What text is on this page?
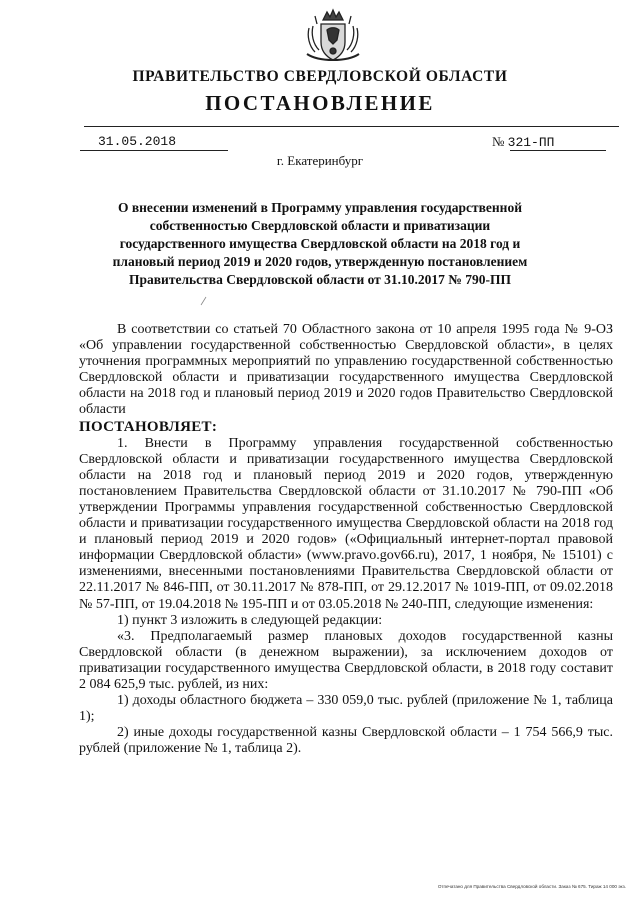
ПРАВИТЕЛЬСТВО СВЕРДЛОВСКОЙ ОБЛАСТИ
ПОСТАНОВЛЕНИЕ
31.05.2018	№ 321-ПП
г. Екатеринбург
О внесении изменений в Программу управления государственной собственностью Свердловской области и приватизации государственного имущества Свердловской области на 2018 год и плановый период 2019 и 2020 годов, утвержденную постановлением Правительства Свердловской области от 31.10.2017 № 790-ПП

В соответствии со статьей 70 Областного закона от 10 апреля 1995 года № 9-ОЗ «Об управлении государственной собственностью Свердловской области», в целях уточнения программных мероприятий по управлению государственной собственностью Свердловской области и приватизации государственного имущества Свердловской области на 2018 год и плановый период 2019 и 2020 годов Правительство Свердловской области

ПОСТАНОВЛЯЕТ:

1. Внести в Программу управления государственной собственностью Свердловской области и приватизации государственного имущества Свердловской области на 2018 год и плановый период 2019 и 2020 годов, утвержденную постановлением Правительства Свердловской области от 31.10.2017 № 790-ПП «Об утверждении Программы управления государственной собственностью Свердловской области и приватизации государственного имущества Свердловской области на 2018 год и плановый период 2019 и 2020 годов» («Официальный интернет-портал правовой информации Свердловской области» (www.pravo.gov66.ru), 2017, 1 ноября, № 15101) с изменениями, внесенными постановлениями Правительства Свердловской области от 22.11.2017 № 846-ПП, от 30.11.2017 № 878-ПП, от 29.12.2017 № 1019-ПП, от 09.02.2018 № 57-ПП, от 19.04.2018 № 195-ПП и от 03.05.2018 № 240-ПП, следующие изменения:

1) пункт 3 изложить в следующей редакции:

«3. Предполагаемый размер плановых доходов государственной казны Свердловской области (в денежном выражении), за исключением доходов от приватизации государственного имущества Свердловской области, в 2018 году составит 2 084 625,9 тыс. рублей, из них:

1) доходы областного бюджета – 330 059,0 тыс. рублей (приложение № 1, таблица 1);

2) иные доходы государственной казны Свердловской области – 1 754 566,9 тыс. рублей (приложение № 1, таблица 2).

Отпечатано для Правительства Свердловской области. Заказ № 675. Тираж 14 000 экз.
